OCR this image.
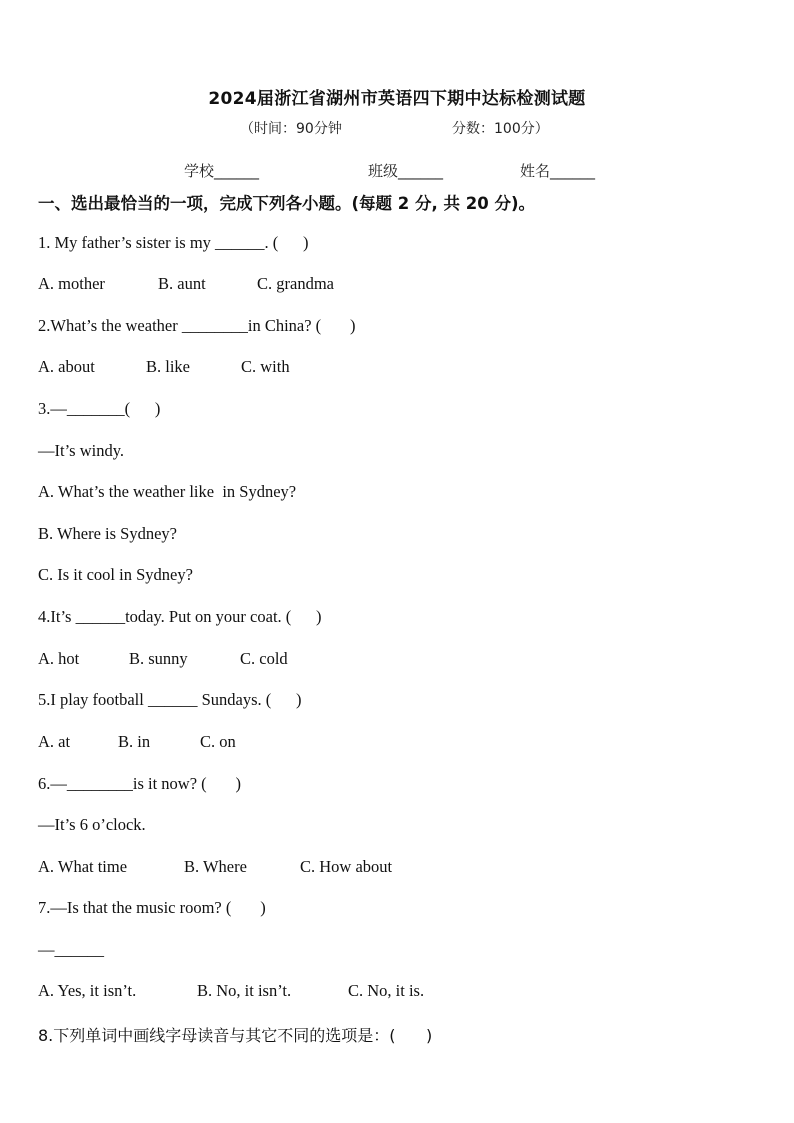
2024届浙江省湖州市英语四下期中达标检测试题
（时间：90分钟	分数：100分）
学校______	班级______	姓名______
一、选出最恰当的一项，完成下列各小题。(每题 2 分, 共 20 分)。
1. My father’s sister is my ______. (      )
A. mother	B. aunt	C. grandma
2.What’s the weather ________in China? (       )
A. about	B. like	C. with
3.—_______(      )
—It’s windy.
A. What’s the weather like  in Sydney?
B. Where is Sydney?
C. Is it cool in Sydney?
4.It’s ______today. Put on your coat. (      )
A. hot	B. sunny	C. cold
5.I play football ______ Sundays. (      )
A. at	B. in	C. on
6.—________is it now? (       )
—It’s 6 o’clock.
A. What time	B. Where	C. How about
7.—Is that the music room? (       )
—______
A. Yes, it isn’t.	B. No, it isn’t.	C. No, it is.
8.下列单词中画线字母读音与其它不同的选项是：(      )
